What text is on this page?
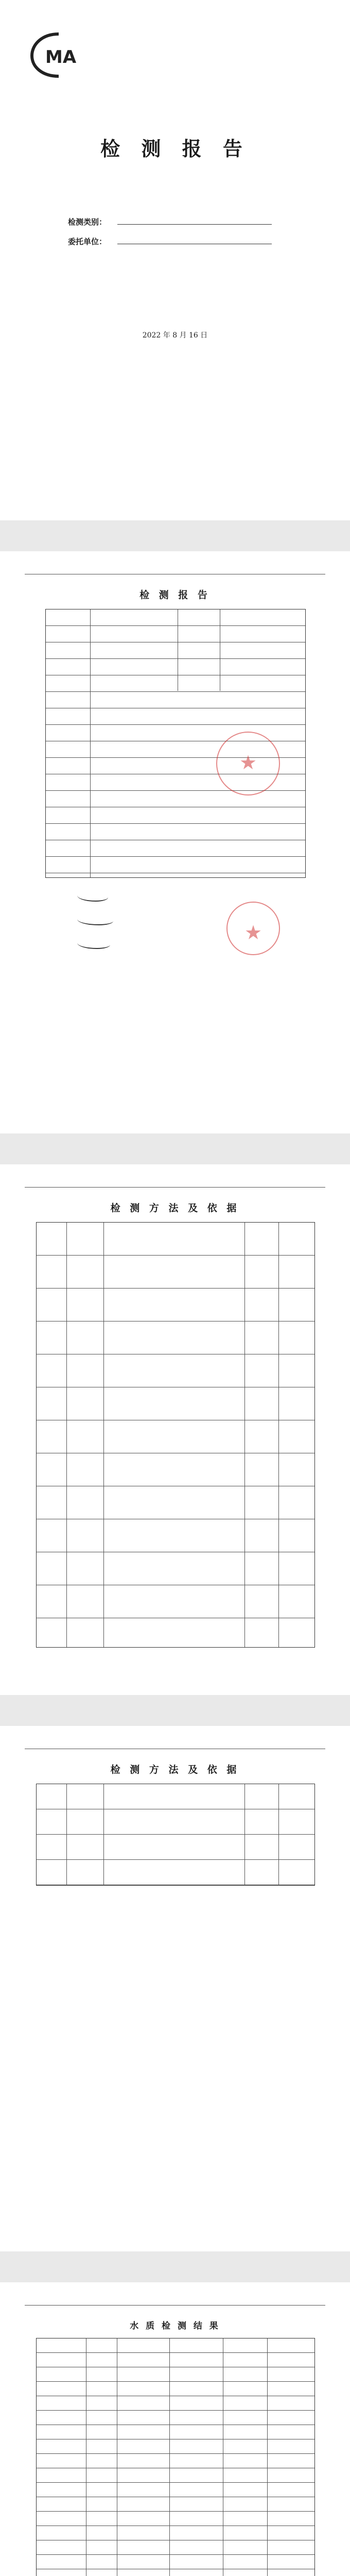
MA
检 测 报 告
检测类别：
委托单位：
2022 年 8 月 16 日
检 测 报 告
★
★
检 测 方 法 及 依 据
检 测 方 法 及 依 据
水 质 检 测 结 果
